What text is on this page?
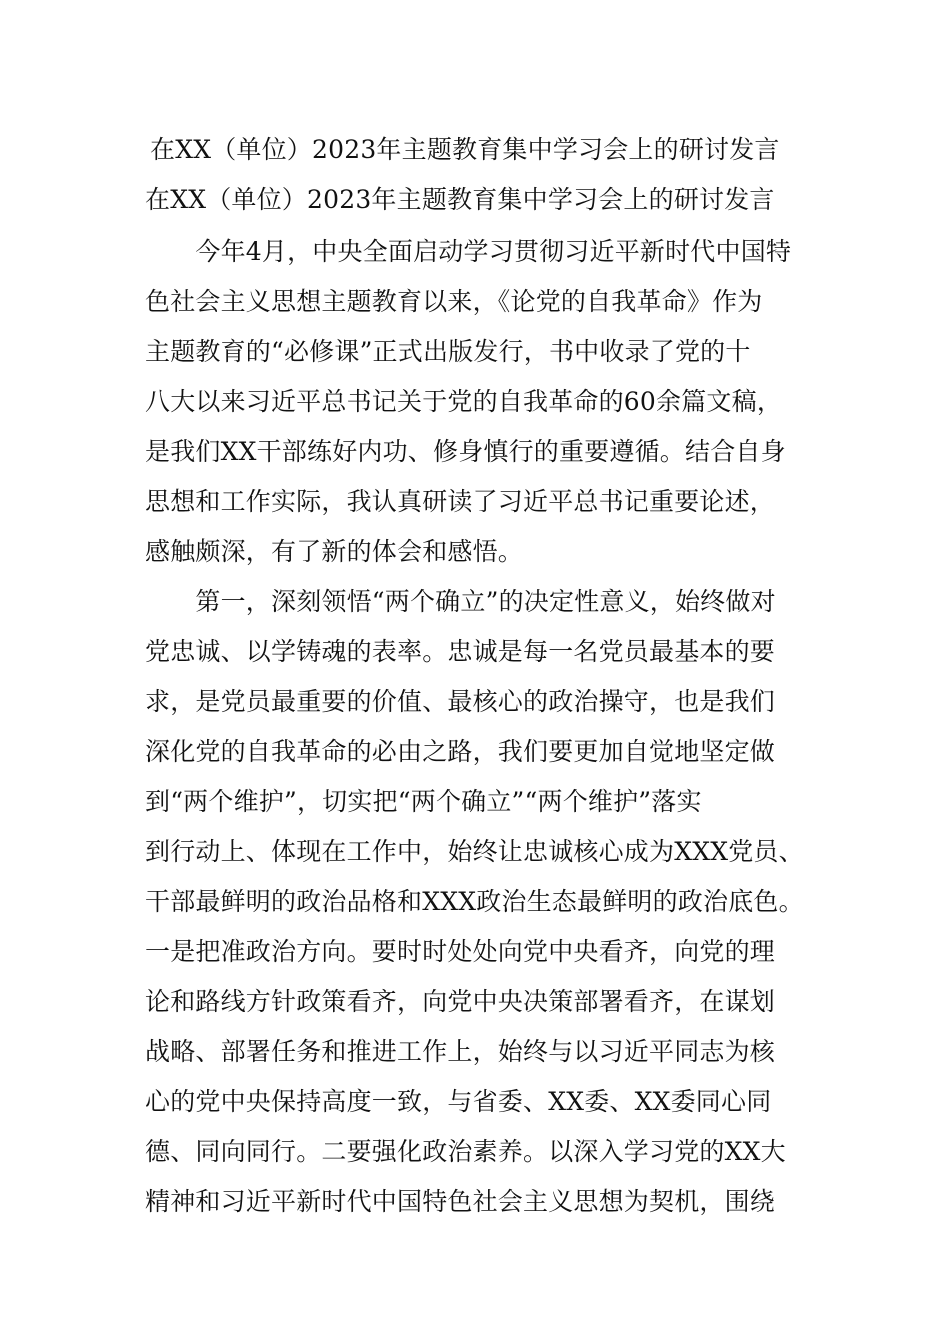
在XX（单位）2023年主题教育集中学习会上的研讨发言
在XX（单位）2023年主题教育集中学习会上的研讨发言
　　今年4月，中央全面启动学习贯彻习近平新时代中国特
色社会主义思想主题教育以来，《论党的自我革命》作为
主题教育的“必修课”正式出版发行，书中收录了党的十
八大以来习近平总书记关于党的自我革命的60余篇文稿，
是我们XX干部练好内功、修身慎行的重要遵循。结合自身
思想和工作实际，我认真研读了习近平总书记重要论述，
感触颇深，有了新的体会和感悟。
　　第一，深刻领悟“两个确立”的决定性意义，始终做对
党忠诚、以学铸魂的表率。忠诚是每一名党员最基本的要
求，是党员最重要的价值、最核心的政治操守，也是我们
深化党的自我革命的必由之路，我们要更加自觉地坚定做
到“两个维护”，切实把“两个确立”“两个维护”落实
到行动上、体现在工作中，始终让忠诚核心成为XXX党员、
干部最鲜明的政治品格和XXX政治生态最鲜明的政治底色。
一是把准政治方向。要时时处处向党中央看齐，向党的理
论和路线方针政策看齐，向党中央决策部署看齐，在谋划
战略、部署任务和推进工作上，始终与以习近平同志为核
心的党中央保持高度一致，与省委、XX委、XX委同心同
德、同向同行。二要强化政治素养。以深入学习党的XX大
精神和习近平新时代中国特色社会主义思想为契机，围绕
